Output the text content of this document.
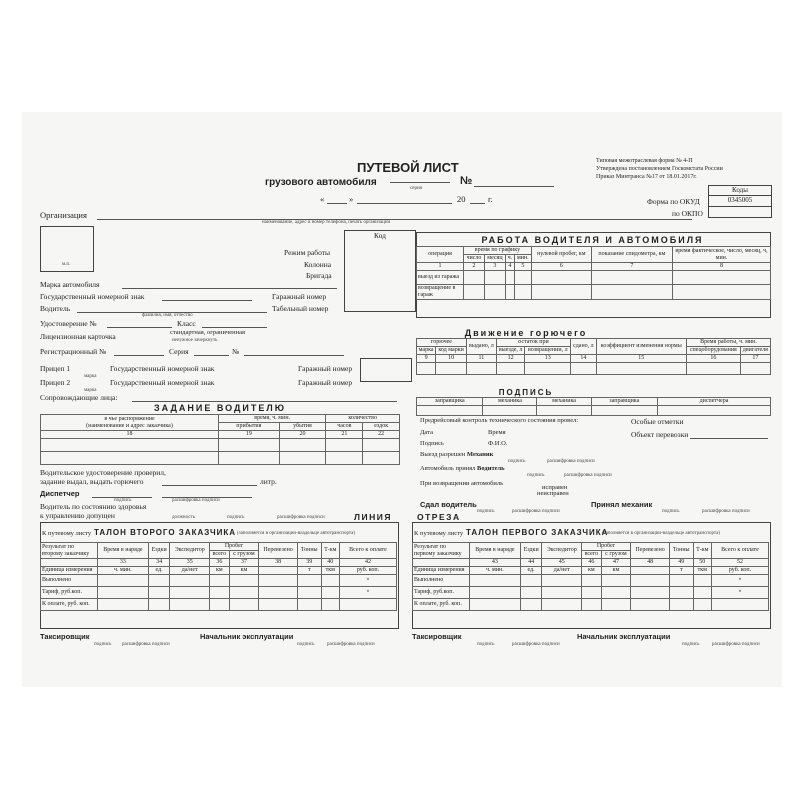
ПУТЕВОЙ ЛИСТ
грузового автомобиля	№
серия
«	»	20	г.
Типовая межотраслевая форма № 4-П
Утверждена постановлением Госкомстата России
Приказ Минтранса №17 от 18.01.2017г.
Коды
Форма по ОКУД	0345005
по ОКПО
Организация
наименование, адрес и номер телефона, печать организации
м.п.
Код
Режим работы
Колонна
Бригада
Марка автомобиля
Государственный номерной знак	Гаражный номер
Водитель
фамилия, имя, отчество
Табельный номер
Удостоверение №	Класс
Лицензионная карточка	стандартная, ограниченная
ненужное зачеркнуть
Регистрационный №	Серия	№
Прицеп 1
марка
Государственный номерной знак	Гаражный номер
Прицеп 2
марка
Государственный номерной знак	Гаражный номер
Сопровождающие лица:
РАБОТА ВОДИТЕЛЯ И АВТОМОБИЛЯ
операция	время по графику				нулевой пробег, км	показание спидометра, км	время фактическое, число, месяц, ч, мин.
	число	месяц	ч.	мин.			
1	2	3	4	5	6	7	8
выезд из гаража							
возвращение в гараж							
Движение горючего
горючее		выдано, л	остаток при		сдано, л	коэффициент изменения нормы	Время работы, ч. мин.	
марка	код марки		выезде, л	возвращении, л			спецоборудования	двигателя
9	10	11	12	13	14	15	16	17

ПОДПИСЬ
заправщика	механика	механика	заправщика	диспетчера

ЗАДАНИЕ ВОДИТЕЛЮ
в чье распоряжение
(наименование и адрес заказчика)	время, ч. мин.		количество	
	прибытия	убытия	часов	ездок
18	19	20	21	22

Водительское удостоверение проверил,
задание выдал, выдать горючего	литр.
Диспетчер
подпись	расшифровка подписи
Водитель по состоянию здоровья
к управлению допущен	должность	подпись	расшифровка подписи	ЛИНИЯ	ОТРЕЗА
Предрейсовый контроль технического состояния провел:
Дата	Время
Подпись	Ф.И.О.
Особые отметки
Объект перевозки
Выезд разрешен Механик
подпись	расшифровка подписи
Автомобиль принял Водитель
подпись	расшифровка подписи
При возвращении автомобиль
исправен
неисправен
Сдал водитель
подпись	расшифровка подписи
Принял механик
подпись	расшифровка подписи
К путевому листу ТАЛОН ВТОРОГО ЗАКАЗЧИКА (заполняется в организации-владельце автотранспорта)
Результат по второму заказчику	Время в наряде	Ездки	Экспедитор	Пробег		Перевезено	Тонны	Т-км	Всего к оплате
				всего	с грузом				
	33	34	35	36	37	38	39	40	42
Единица измерения	ч. мин.	ед.	да/нет	км	км		т	ткм	руб. коп.
Выполнено									×
Тариф, руб.коп.									×
К оплате, руб. коп.									
К путевому листу ТАЛОН ПЕРВОГО ЗАКАЗЧИКА
(заполняется в организации-владельце автотранспорта)
Результат по первому заказчику	Время в наряде	Ездки	Экспедитор	Пробег		Перевезено	Тонны	Т-км	Всего к оплате
				всего	с грузом				
	43	44	45	46	47	48	49	50	52
Единица измерения	ч. мин.	ед.	да/нет	км	км		т	ткм	руб. коп.
Выполнено									×
Тариф, руб.коп.									×
К оплате, руб. коп.									
Таксировщик
подпись расшифровка подписи
Начальник эксплуатации
подпись	расшифровка подписи
Таксировщик
подпись	расшифровка подписи
Начальник эксплуатации
подпись	расшифровка подписи
